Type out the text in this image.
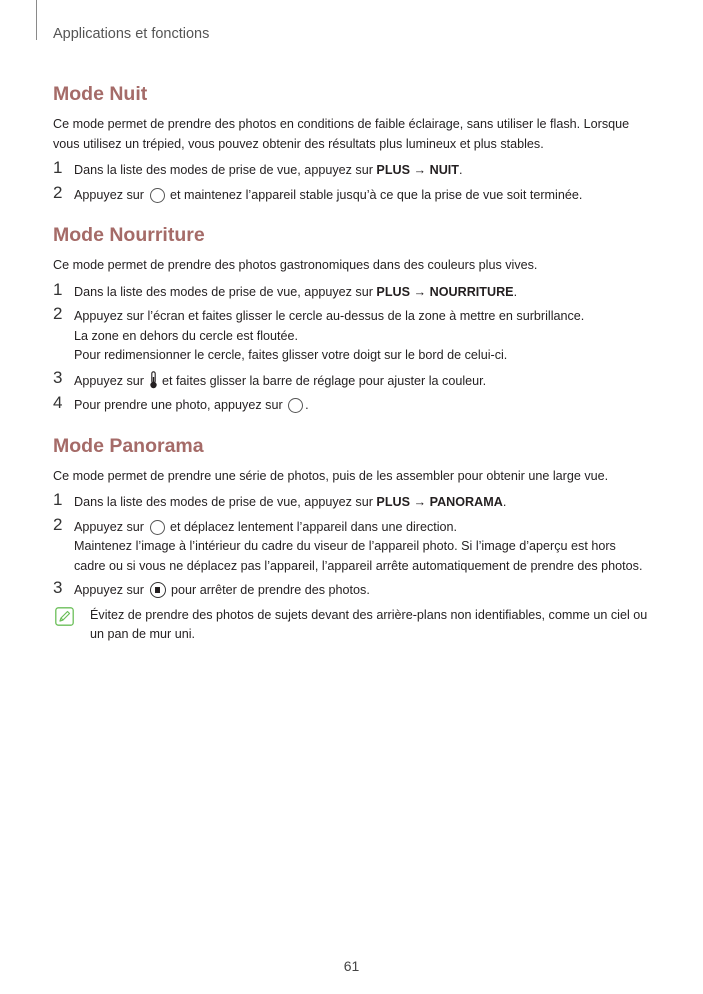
Applications et fonctions
Mode Nuit

Ce mode permet de prendre des photos en conditions de faible éclairage, sans utiliser le flash. Lorsque vous utilisez un trépied, vous pouvez obtenir des résultats plus lumineux et plus stables.

1 Dans la liste des modes de prise de vue, appuyez sur PLUS → NUIT.
2 Appuyez sur  et maintenez l’appareil stable jusqu’à ce que la prise de vue soit terminée.
Mode Nourriture

Ce mode permet de prendre des photos gastronomiques dans des couleurs plus vives.

1 Dans la liste des modes de prise de vue, appuyez sur PLUS → NOURRITURE.
2 Appuyez sur l’écran et faites glisser le cercle au-dessus de la zone à mettre en surbrillance.
La zone en dehors du cercle est floutée.
Pour redimensionner le cercle, faites glisser votre doigt sur le bord de celui-ci.
3 Appuyez sur  et faites glisser la barre de réglage pour ajuster la couleur.
4 Pour prendre une photo, appuyez sur .
Mode Panorama

Ce mode permet de prendre une série de photos, puis de les assembler pour obtenir une large vue.

1 Dans la liste des modes de prise de vue, appuyez sur PLUS → PANORAMA.
2 Appuyez sur  et déplacez lentement l’appareil dans une direction.
Maintenez l’image à l’intérieur du cadre du viseur de l’appareil photo. Si l’image d’aperçu est hors cadre ou si vous ne déplacez pas l’appareil, l’appareil arrête automatiquement de prendre des photos.
3 Appuyez sur  pour arrêter de prendre des photos.
Évitez de prendre des photos de sujets devant des arrière-plans non identifiables, comme un ciel ou un pan de mur uni.
61
